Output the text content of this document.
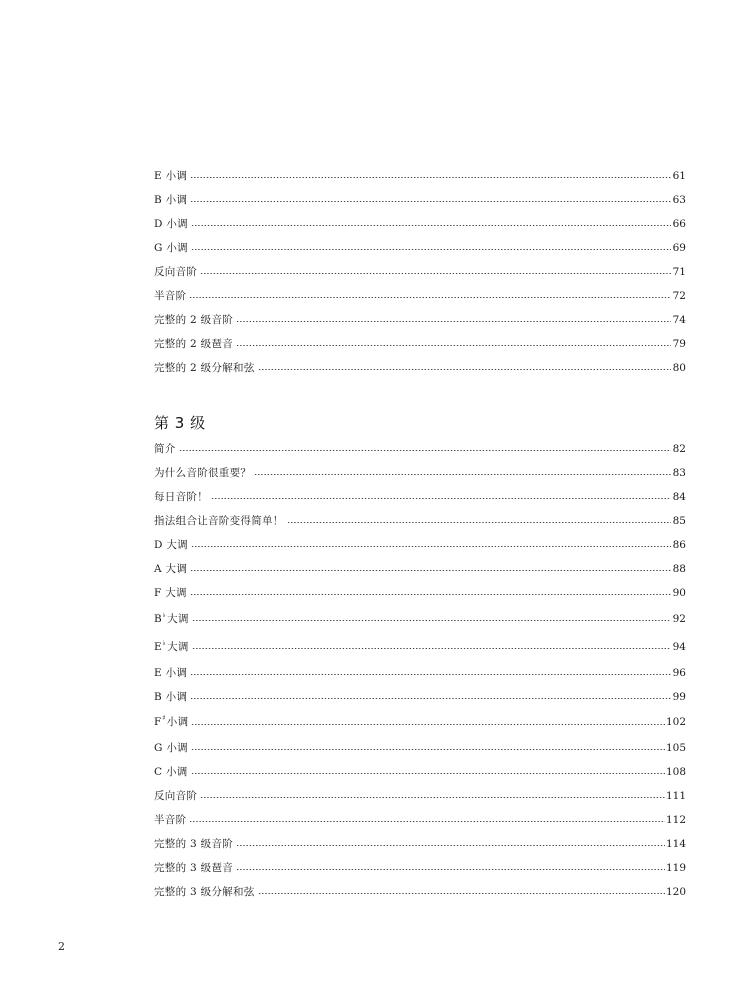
E 小调	61
B 小调	63
D 小调	66
G 小调	69
反向音阶	71
半音阶	72
完整的 2 级音阶	74
完整的 2 级琶音	79
完整的 2 级分解和弦	80
第 3 级
简介	82
为什么音阶很重要？	83
每日音阶！	84
指法组合让音阶变得简单！	85
D 大调	86
A 大调	88
F 大调	90
B♭大调	92
E♭大调	94
E 小调	96
B 小调	99
F♯小调	102
G 小调	105
C 小调	108
反向音阶	111
半音阶	112
完整的 3 级音阶	114
完整的 3 级琶音	119
完整的 3 级分解和弦	120
2
